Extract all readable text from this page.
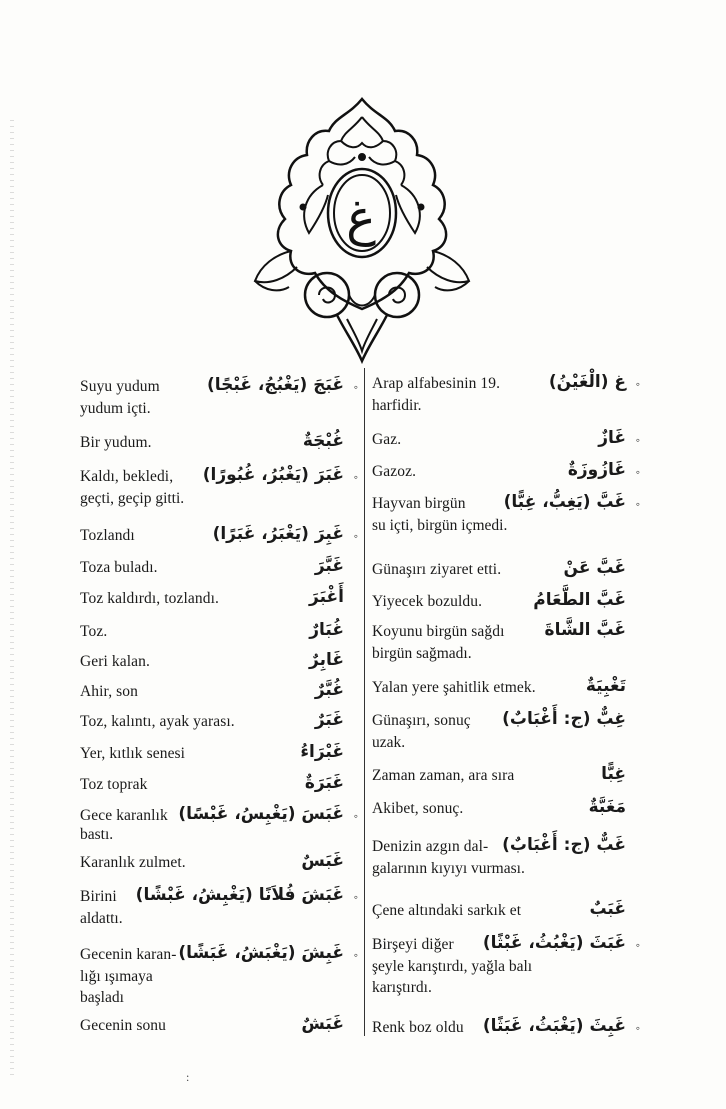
غ
Suyu yudum	غَبَجَ (يَغْبُجُ، غَبْجًا) ◦
yudum içti.
Bir yudum.	غُبْجَةٌ
Kaldı, bekledi, غَبَرَ (يَغْبُرُ، غُبُورًا) ◦
geçti, geçip gitti.
Tozlandı	غَبِرَ (يَغْبَرُ، غَبَرًا) ◦
Toza buladı.	غَبَّرَ
Toz kaldırdı, tozlandı.	أَغْبَرَ
Toz.	غُبَارٌ
Geri kalan.	غَابِرٌ
Ahir, son	غُبَّرٌ
Toz, kalıntı, ayak yarası.	غَبَرٌ
Yer, kıtlık senesi	غَبْرَاءُ
Toz toprak	غَبَرَةٌ
Gece karanlık غَبَسَ (يَغْبِسُ، غَبْسًا) ◦
bastı.
Karanlık zulmet.	غَبَسٌ
Birini غَبَشَ فُلاَنًا (يَغْبِشُ، غَبْشًا) ◦
aldattı.
Gecenin karan- غَبِشَ (يَغْبَشُ، غَبَشًا) ◦
lığı ışımaya
başladı
Gecenin sonu	غَبَشٌ
Arap alfabesinin 19.	غ (الْغَيْنُ) ◦
harfidir.
Gaz.	غَازٌ ◦
Gazoz.	غَازُوزَةٌ ◦
Hayvan birgün غَبَّ (يَغِبُّ، غِبًّا) ◦
su içti, birgün içmedi.
Günaşırı ziyaret etti.	غَبَّ عَنْ
Yiyecek bozuldu.	غَبَّ الطَّعَامُ
Koyunu birgün sağdı غَبَّ الشَّاةَ
birgün sağmadı.
Yalan yere şahitlik etmek.	تَغْبِيَةٌ
Günaşırı, sonuç غِبٌّ (ج: أَغْبَابٌ)
uzak.
Zaman zaman, ara sıra	غِبًّا
Akibet, sonuç.	مَغَبَّةٌ
Denizin azgın dal- غَبٌّ (ج: أَغْبَابٌ)
galarının kıyıyı vurması.
Çene altındaki sarkık et	غَبَبٌ
Birşeyi diğer غَبَثَ (يَغْبُثُ، غَبْثًا) ◦
şeyle karıştırdı, yağla balı
karıştırdı.
Renk boz oldu غَبِثَ (يَغْبَثُ، غَبَثًا) ◦
:
